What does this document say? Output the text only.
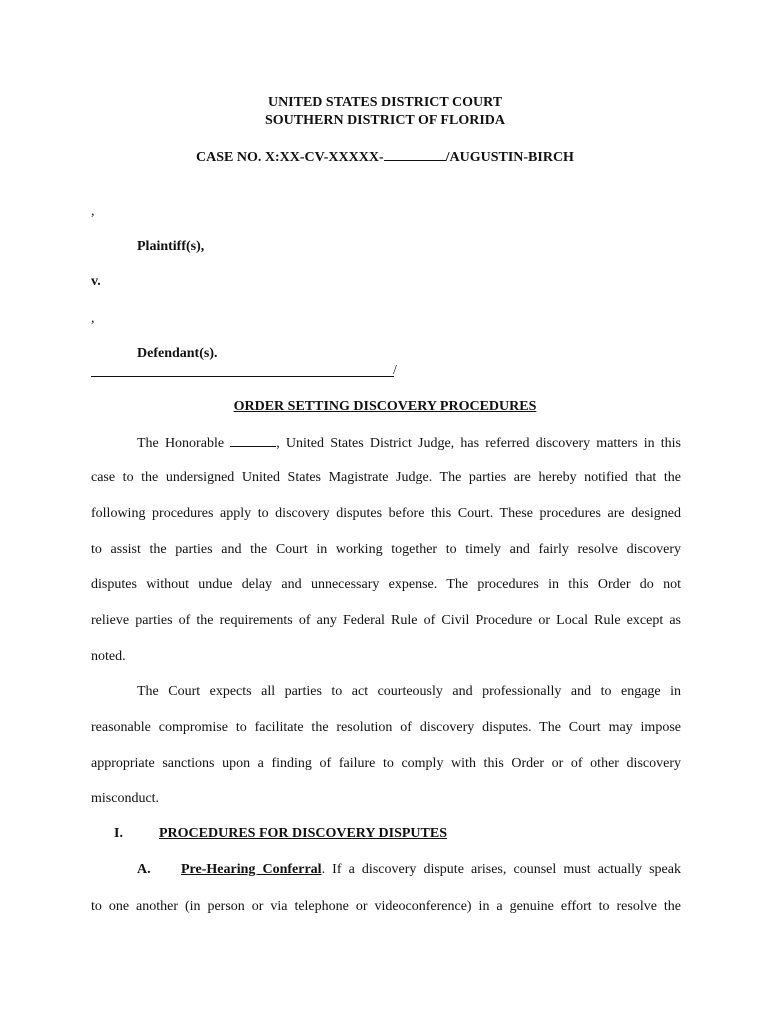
UNITED STATES DISTRICT COURT
SOUTHERN DISTRICT OF FLORIDA
CASE NO. X:XX-CV-XXXXX-	/AUGUSTIN-BIRCH
,
Plaintiff(s),
v.
,
Defendant(s).
/
ORDER SETTING DISCOVERY PROCEDURES
The Honorable	, United States District Judge, has referred discovery matters in this
case to the undersigned United States Magistrate Judge. The parties are hereby notified that the
following procedures apply to discovery disputes before this Court. These procedures are designed
to assist the parties and the Court in working together to timely and fairly resolve discovery
disputes without undue delay and unnecessary expense. The procedures in this Order do not
relieve parties of the requirements of any Federal Rule of Civil Procedure or Local Rule except as
noted.
The Court expects all parties to act courteously and professionally and to engage in
reasonable compromise to facilitate the resolution of discovery disputes. The Court may impose
appropriate sanctions upon a finding of failure to comply with this Order or of other discovery
misconduct.
I.	PROCEDURES FOR DISCOVERY DISPUTES
A. Pre-Hearing Conferral. If a discovery dispute arises, counsel must actually speak
to one another (in person or via telephone or videoconference) in a genuine effort to resolve the
